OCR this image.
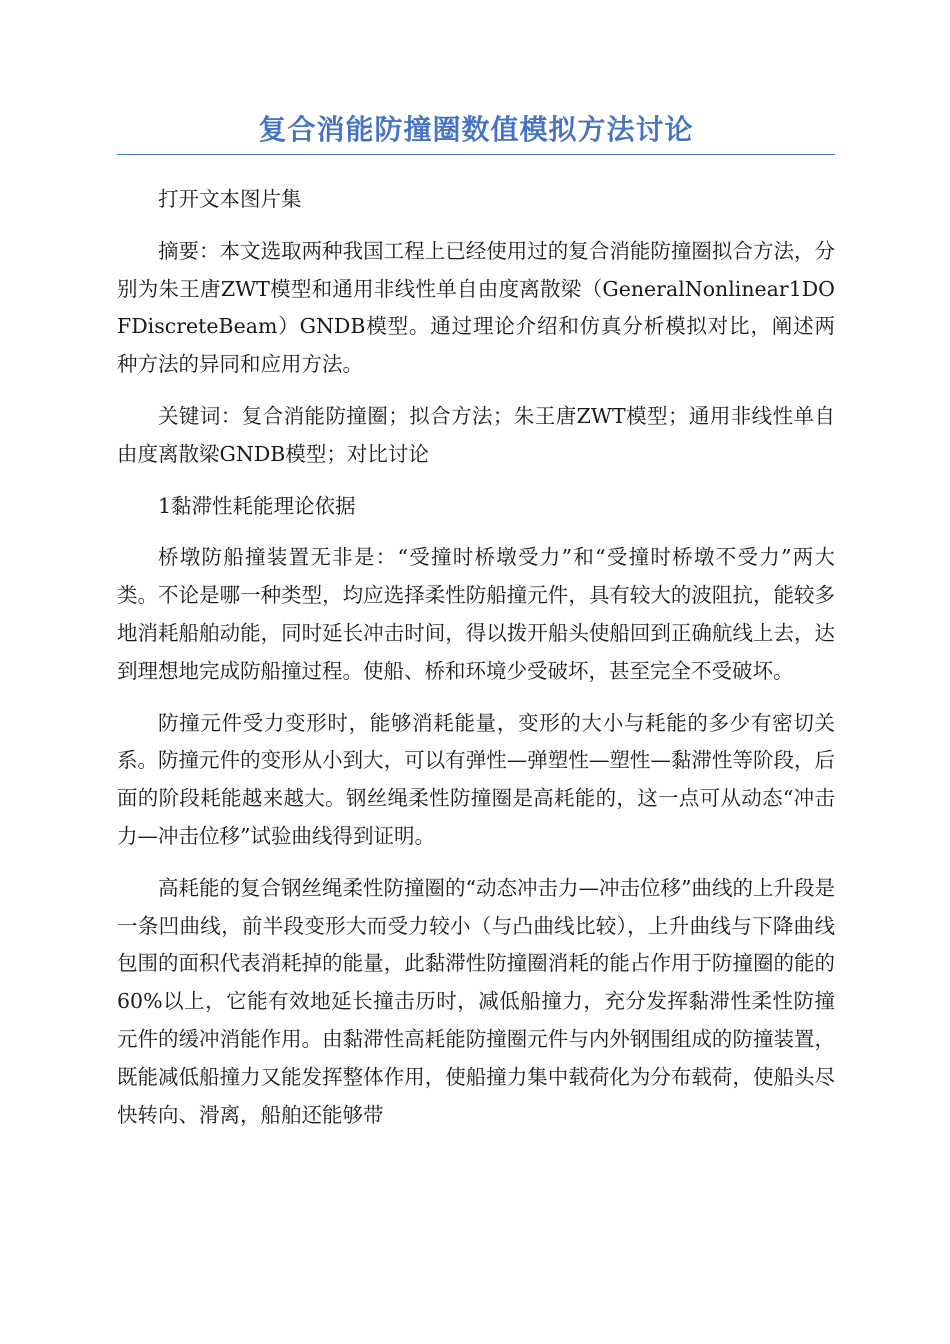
复合消能防撞圈数值模拟方法讨论

打开文本图片集

摘要：本文选取两种我国工程上已经使用过的复合消能防撞圈拟合方法，分别为朱王唐ZWT模型和通用非线性单自由度离散梁（GeneralNonlinear1DOFDiscreteBeam）GNDB模型。通过理论介绍和仿真分析模拟对比，阐述两种方法的异同和应用方法。

关键词：复合消能防撞圈；拟合方法；朱王唐ZWT模型；通用非线性单自由度离散梁GNDB模型；对比讨论

1黏滞性耗能理论依据

桥墩防船撞装置无非是：“受撞时桥墩受力”和“受撞时桥墩不受力”两大类。不论是哪一种类型，均应选择柔性防船撞元件，具有较大的波阻抗，能较多地消耗船舶动能，同时延长冲击时间，得以拨开船头使船回到正确航线上去，达到理想地完成防船撞过程。使船、桥和环境少受破坏，甚至完全不受破坏。

防撞元件受力变形时，能够消耗能量，变形的大小与耗能的多少有密切关系。防撞元件的变形从小到大，可以有弹性—弹塑性—塑性—黏滞性等阶段，后面的阶段耗能越来越大。钢丝绳柔性防撞圈是高耗能的，这一点可从动态“冲击力—冲击位移”试验曲线得到证明。

高耗能的复合钢丝绳柔性防撞圈的“动态冲击力—冲击位移”曲线的上升段是一条凹曲线，前半段变形大而受力较小（与凸曲线比较），上升曲线与下降曲线包围的面积代表消耗掉的能量，此黏滞性防撞圈消耗的能占作用于防撞圈的能的60%以上，它能有效地延长撞击历时，减低船撞力，充分发挥黏滞性柔性防撞元件的缓冲消能作用。由黏滞性高耗能防撞圈元件与内外钢围组成的防撞装置，既能减低船撞力又能发挥整体作用，使船撞力集中载荷化为分布载荷，使船头尽快转向、滑离，船舶还能够带
